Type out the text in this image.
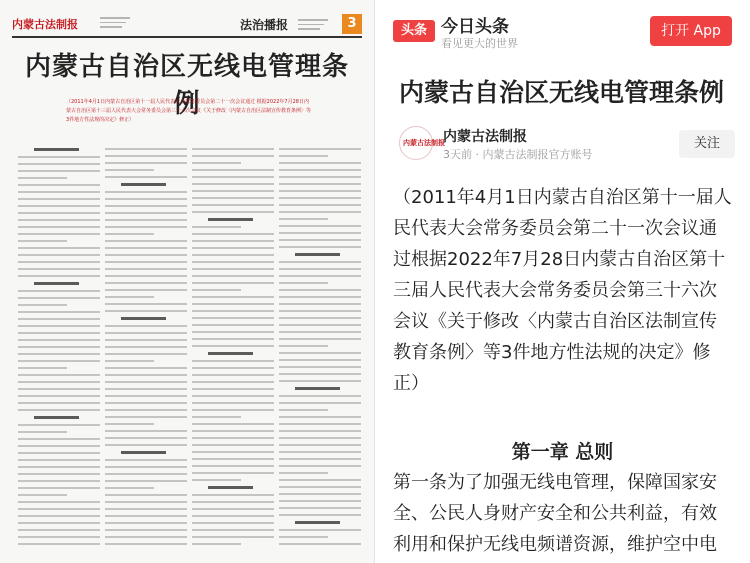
内蒙古法制报	法治播报	3
内蒙古自治区无线电管理条例
（2011年4月1日内蒙古自治区第十一届人民代表大会常务委员会第二十一次会议通过 根据2022年7月28日内蒙古自治区第十三届人民代表大会常务委员会第三十六次会议《关于修改〈内蒙古自治区法制宣传教育条例〉等3件地方性法规的决定》修正）
头条 今日头条
看见更大的世界
打开 App
内蒙古自治区无线电管理条例
内蒙古法制报
内蒙古法制报
3天前 · 内蒙古法制报官方账号
关注
（2011年4月1日内蒙古自治区第十一届人民代表大会常务委员会第二十一次会议通过根据2022年7月28日内蒙古自治区第十三届人民代表大会常务委员会第三十六次会议《关于修改〈内蒙古自治区法制宣传教育条例〉等3件地方性法规的决定》修正）
第一章 总则
第一条为了加强无线电管理，保障国家安全、公民人身财产安全和公共利益，有效利用和保护无线电频谱资源，维护空中电
